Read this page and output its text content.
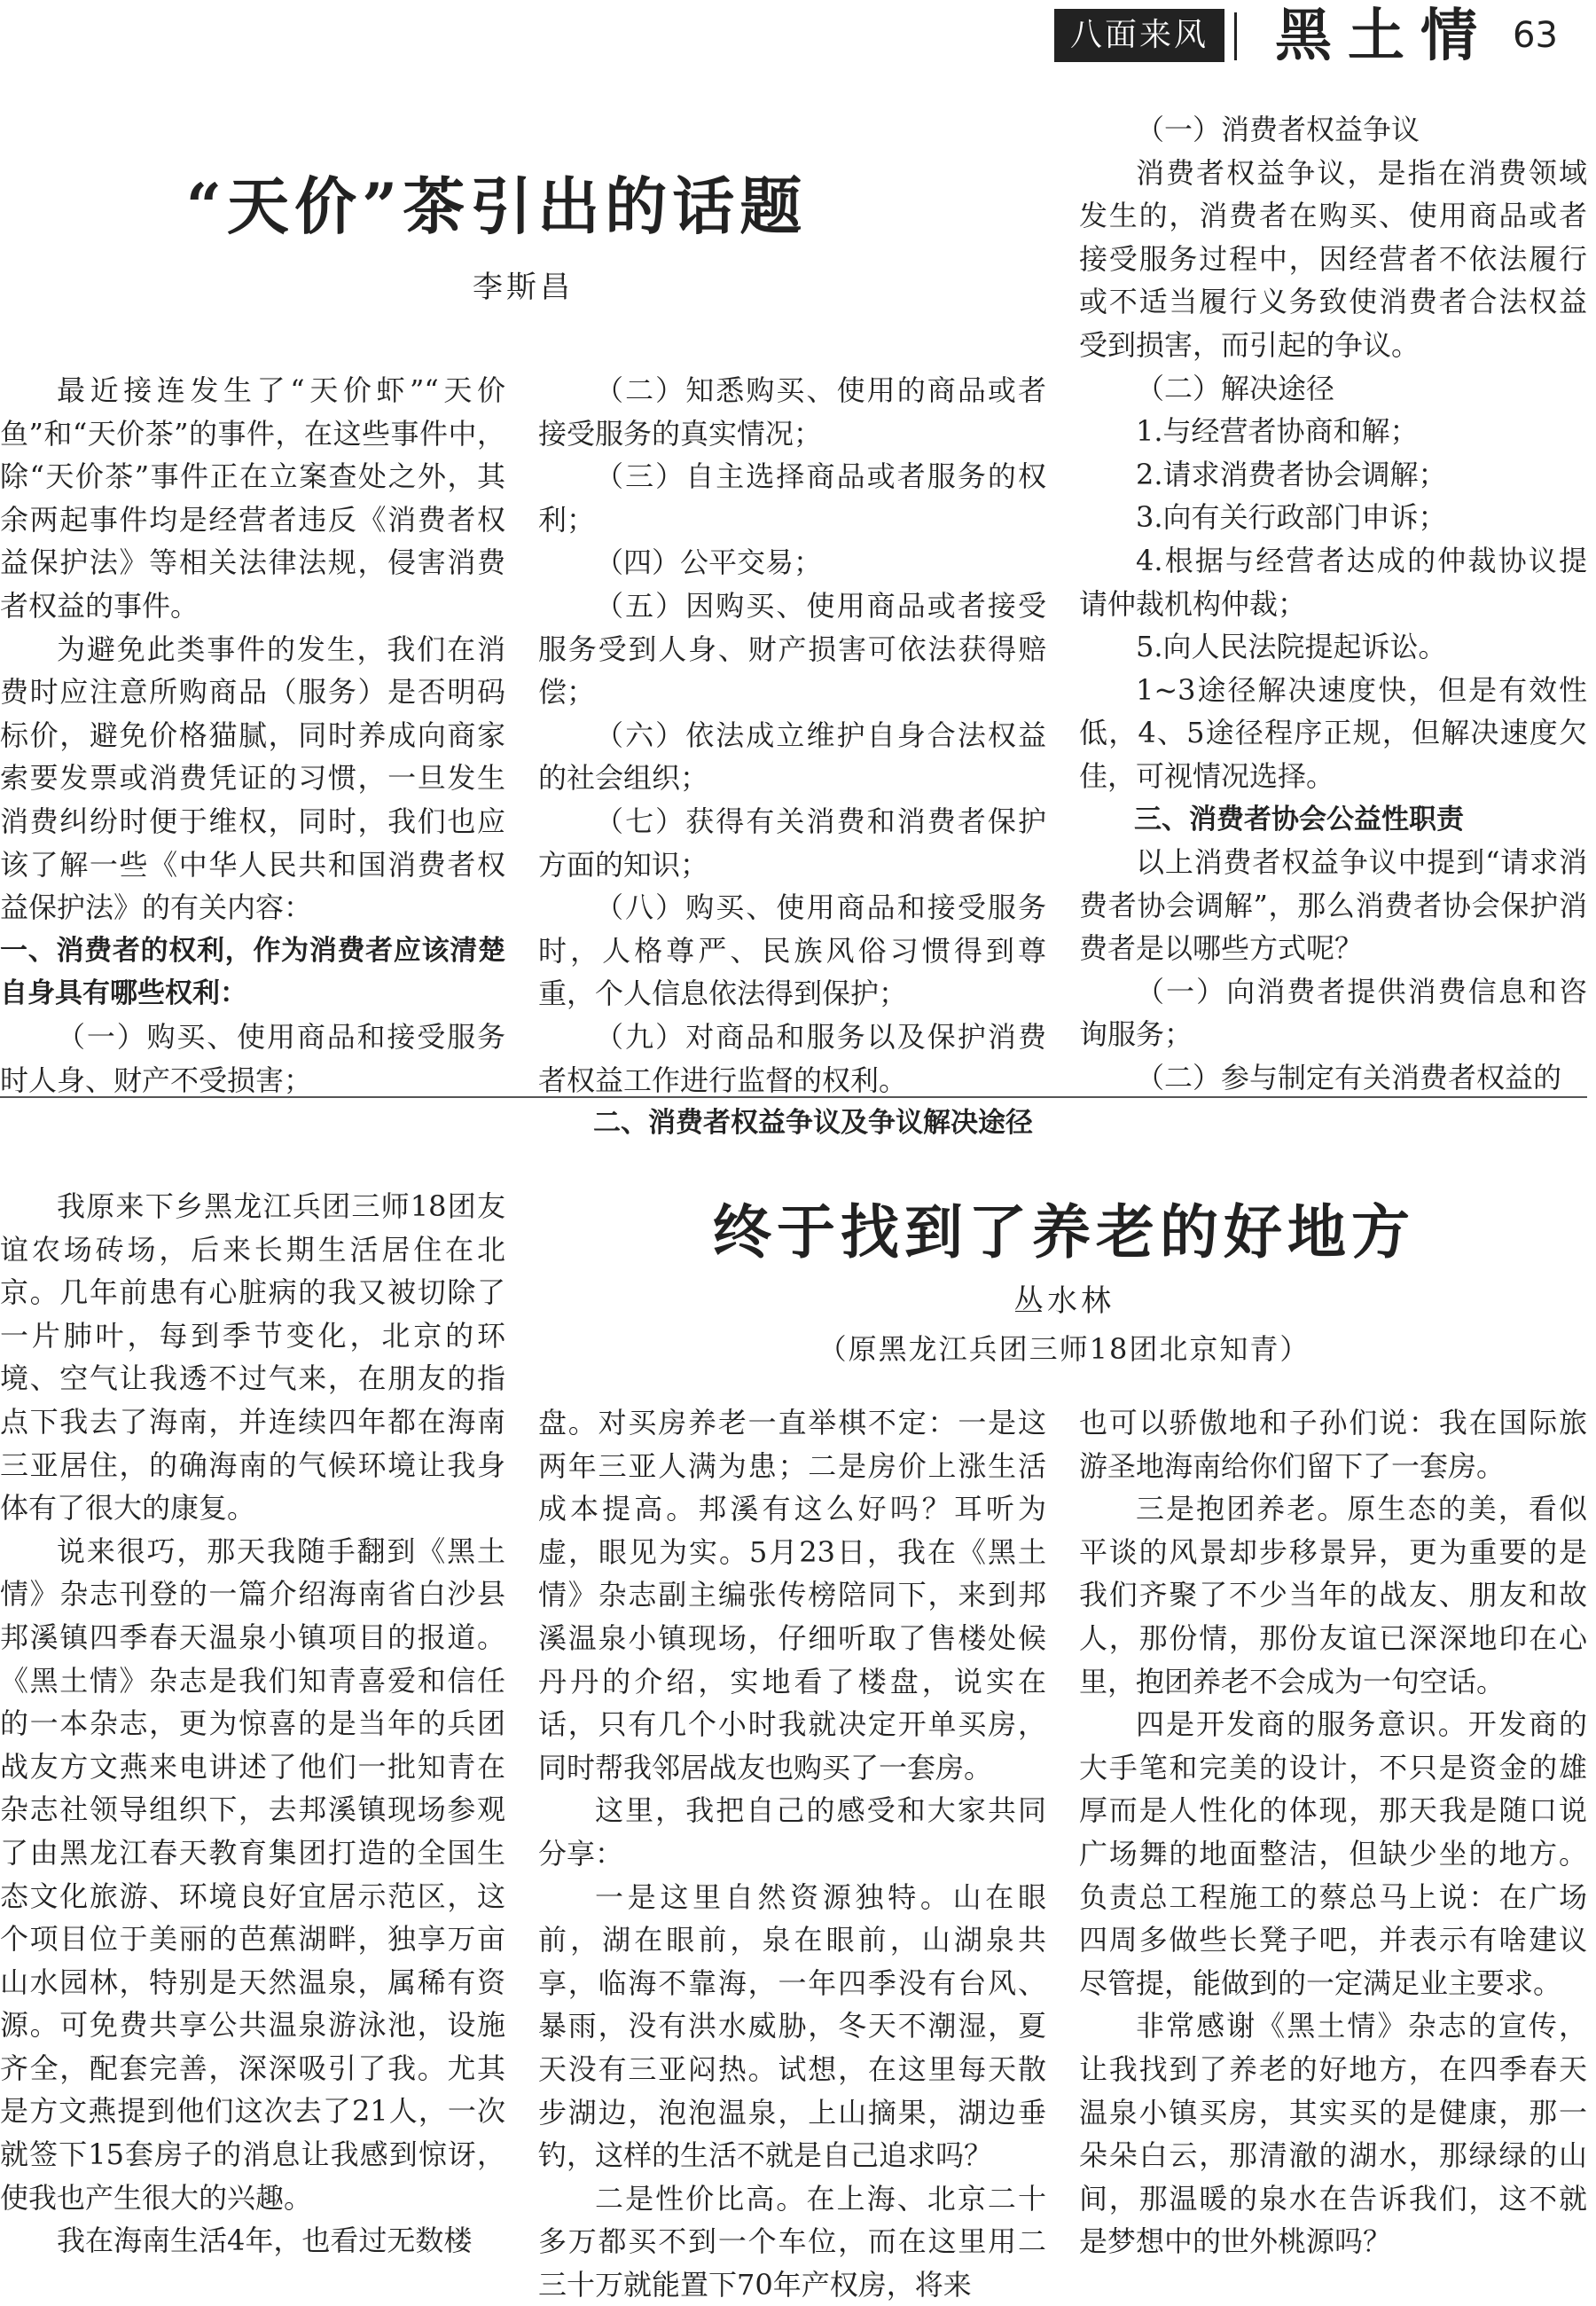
八面来风 黑土情 63
“天价”茶引出的话题
李斯昌

最近接连发生了“天价虾”“天价鱼”和“天价茶”的事件，在这些事件中，除“天价茶”事件正在立案查处之外，其余两起事件均是经营者违反《消费者权益保护法》等相关法律法规，侵害消费者权益的事件。

为避免此类事件的发生，我们在消费时应注意所购商品（服务）是否明码标价，避免价格猫腻，同时养成向商家索要发票或消费凭证的习惯，一旦发生消费纠纷时便于维权，同时，我们也应该了解一些《中华人民共和国消费者权益保护法》的有关内容：

一、消费者的权利，作为消费者应该清楚自身具有哪些权利：

（一）购买、使用商品和接受服务时人身、财产不受损害；

（二）知悉购买、使用的商品或者接受服务的真实情况；

（三）自主选择商品或者服务的权利；

（四）公平交易；

（五）因购买、使用商品或者接受服务受到人身、财产损害可依法获得赔偿；

（六）依法成立维护自身合法权益的社会组织；

（七）获得有关消费和消费者保护方面的知识；

（八）购买、使用商品和接受服务时，人格尊严、民族风俗习惯得到尊重，个人信息依法得到保护；

（九）对商品和服务以及保护消费者权益工作进行监督的权利。

二、消费者权益争议及争议解决途径

（一）消费者权益争议

消费者权益争议，是指在消费领域发生的，消费者在购买、使用商品或者接受服务过程中，因经营者不依法履行或不适当履行义务致使消费者合法权益受到损害，而引起的争议。

（二）解决途径

1.与经营者协商和解；

2.请求消费者协会调解；

3.向有关行政部门申诉；

4.根据与经营者达成的仲裁协议提请仲裁机构仲裁；

5.向人民法院提起诉讼。

1~3途径解决速度快，但是有效性低，4、5途径程序正规，但解决速度欠佳，可视情况选择。

三、消费者协会公益性职责

以上消费者权益争议中提到“请求消费者协会调解”，那么消费者协会保护消费者是以哪些方式呢？

（一）向消费者提供消费信息和咨询服务；

（二）参与制定有关消费者权益的

我原来下乡黑龙江兵团三师18团友谊农场砖场，后来长期生活居住在北京。几年前患有心脏病的我又被切除了一片肺叶，每到季节变化，北京的环境、空气让我透不过气来，在朋友的指点下我去了海南，并连续四年都在海南三亚居住，的确海南的气候环境让我身体有了很大的康复。

说来很巧，那天我随手翻到《黑土情》杂志刊登的一篇介绍海南省白沙县邦溪镇四季春天温泉小镇项目的报道。《黑土情》杂志是我们知青喜爱和信任的一本杂志，更为惊喜的是当年的兵团战友方文燕来电讲述了他们一批知青在杂志社领导组织下，去邦溪镇现场参观了由黑龙江春天教育集团打造的全国生态文化旅游、环境良好宜居示范区，这个项目位于美丽的芭蕉湖畔，独享万亩山水园林，特别是天然温泉，属稀有资源。可免费共享公共温泉游泳池，设施齐全，配套完善，深深吸引了我。尤其是方文燕提到他们这次去了21人，一次就签下15套房子的消息让我感到惊讶，使我也产生很大的兴趣。

我在海南生活4年，也看过无数楼

终于找到了养老的好地方
丛水林
（原黑龙江兵团三师18团北京知青）

盘。对买房养老一直举棋不定：一是这两年三亚人满为患；二是房价上涨生活成本提高。邦溪有这么好吗？耳听为虚，眼见为实。5月23日，我在《黑土情》杂志副主编张传榜陪同下，来到邦溪温泉小镇现场，仔细听取了售楼处候丹丹的介绍，实地看了楼盘，说实在话，只有几个小时我就决定开单买房，同时帮我邻居战友也购买了一套房。

这里，我把自己的感受和大家共同分享：

一是这里自然资源独特。山在眼前，湖在眼前，泉在眼前，山湖泉共享，临海不靠海，一年四季没有台风、暴雨，没有洪水威胁，冬天不潮湿，夏天没有三亚闷热。试想，在这里每天散步湖边，泡泡温泉，上山摘果，湖边垂钓，这样的生活不就是自己追求吗？

二是性价比高。在上海、北京二十多万都买不到一个车位，而在这里用二三十万就能置下70年产权房，将来

也可以骄傲地和子孙们说：我在国际旅游圣地海南给你们留下了一套房。

三是抱团养老。原生态的美，看似平谈的风景却步移景异，更为重要的是我们齐聚了不少当年的战友、朋友和故人，那份情，那份友谊已深深地印在心里，抱团养老不会成为一句空话。

四是开发商的服务意识。开发商的大手笔和完美的设计，不只是资金的雄厚而是人性化的体现，那天我是随口说广场舞的地面整洁，但缺少坐的地方。负责总工程施工的蔡总马上说：在广场四周多做些长凳子吧，并表示有啥建议尽管提，能做到的一定满足业主要求。

非常感谢《黑土情》杂志的宣传，让我找到了养老的好地方，在四季春天温泉小镇买房，其实买的是健康，那一朵朵白云，那清澈的湖水，那绿绿的山间，那温暖的泉水在告诉我们，这不就是梦想中的世外桃源吗？
